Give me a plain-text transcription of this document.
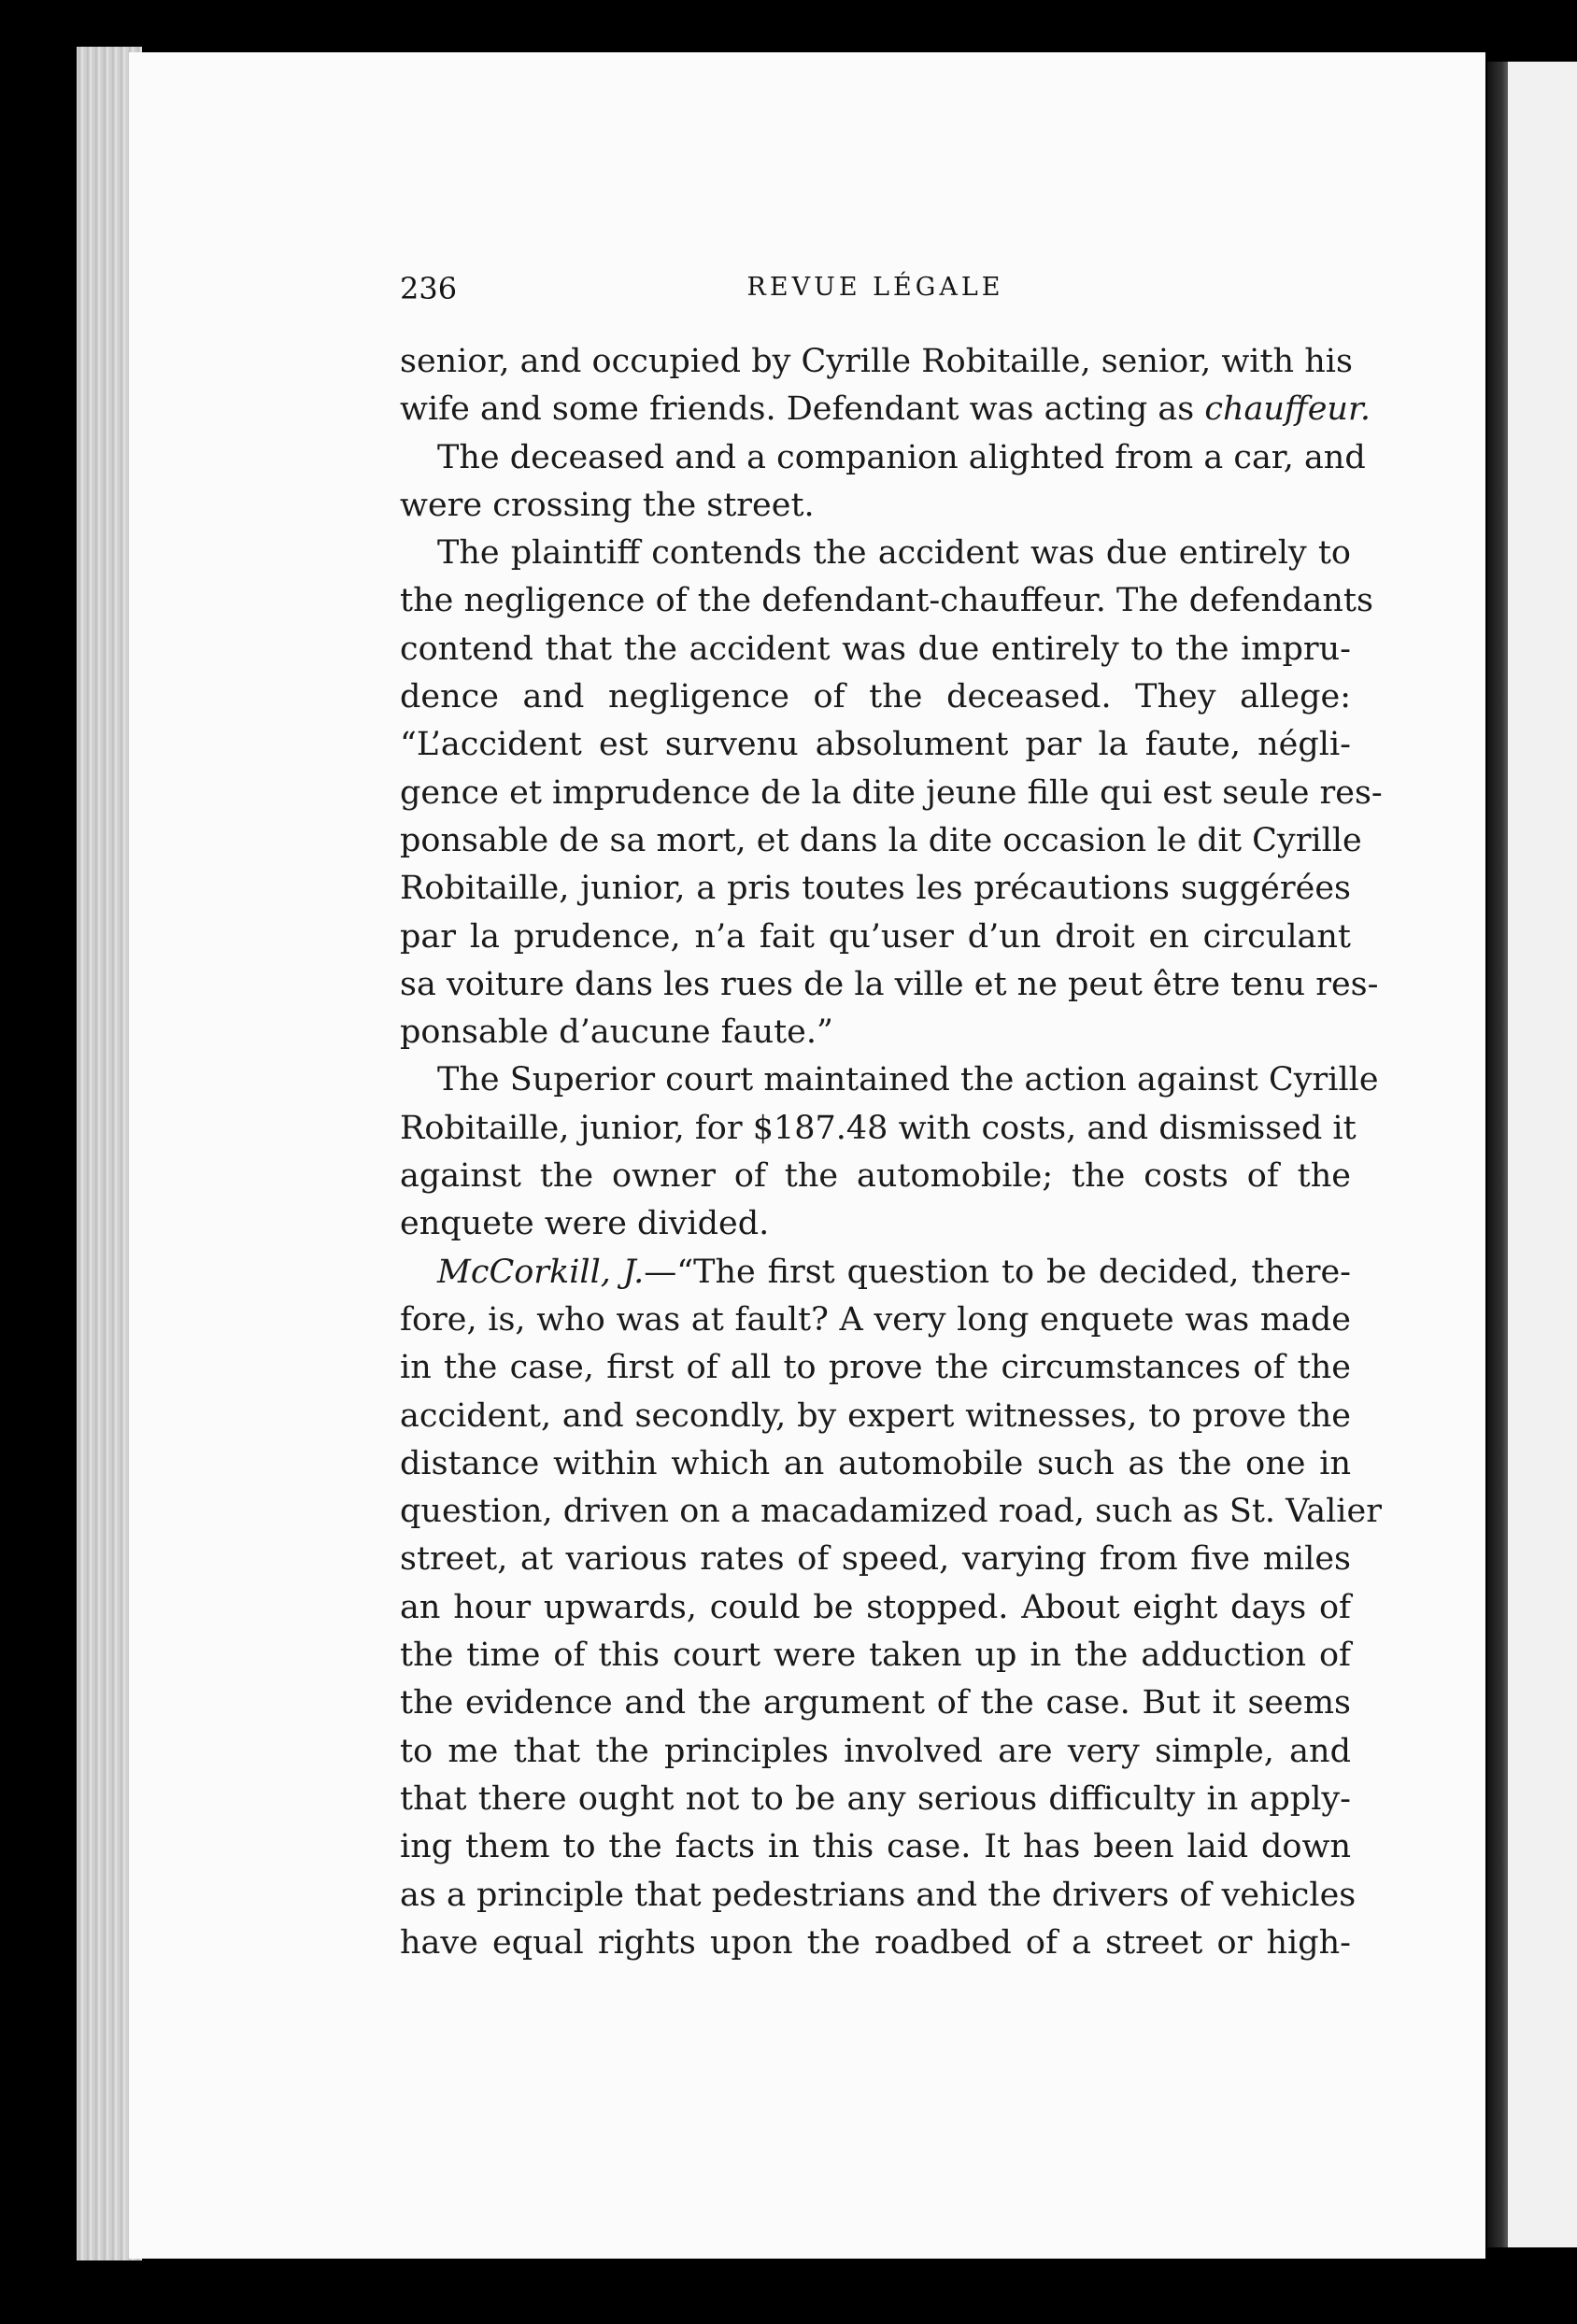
236	REVUE LÉGALE
senior, and occupied by Cyrille Robitaille, senior, with his
wife and some friends. Defendant was acting as chauffeur.
The deceased and a companion alighted from a car, and
were crossing the street.
The plaintiff contends the accident was due entirely to
the negligence of the defendant-chauffeur. The defendants
contend that the accident was due entirely to the impru-
dence and negligence of the deceased. They allege:
“L’accident est survenu absolument par la faute, négli-
gence et imprudence de la dite jeune fille qui est seule res-
ponsable de sa mort, et dans la dite occasion le dit Cyrille
Robitaille, junior, a pris toutes les précautions suggérées
par la prudence, n’a fait qu’user d’un droit en circulant
sa voiture dans les rues de la ville et ne peut être tenu res-
ponsable d’aucune faute.”
The Superior court maintained the action against Cyrille
Robitaille, junior, for $187.48 with costs, and dismissed it
against the owner of the automobile; the costs of the
enquete were divided.
McCorkill, J.—“The first question to be decided, there-
fore, is, who was at fault? A very long enquete was made
in the case, first of all to prove the circumstances of the
accident, and secondly, by expert witnesses, to prove the
distance within which an automobile such as the one in
question, driven on a macadamized road, such as St. Valier
street, at various rates of speed, varying from five miles
an hour upwards, could be stopped. About eight days of
the time of this court were taken up in the adduction of
the evidence and the argument of the case. But it seems
to me that the principles involved are very simple, and
that there ought not to be any serious difficulty in apply-
ing them to the facts in this case. It has been laid down
as a principle that pedestrians and the drivers of vehicles
have equal rights upon the roadbed of a street or high-
